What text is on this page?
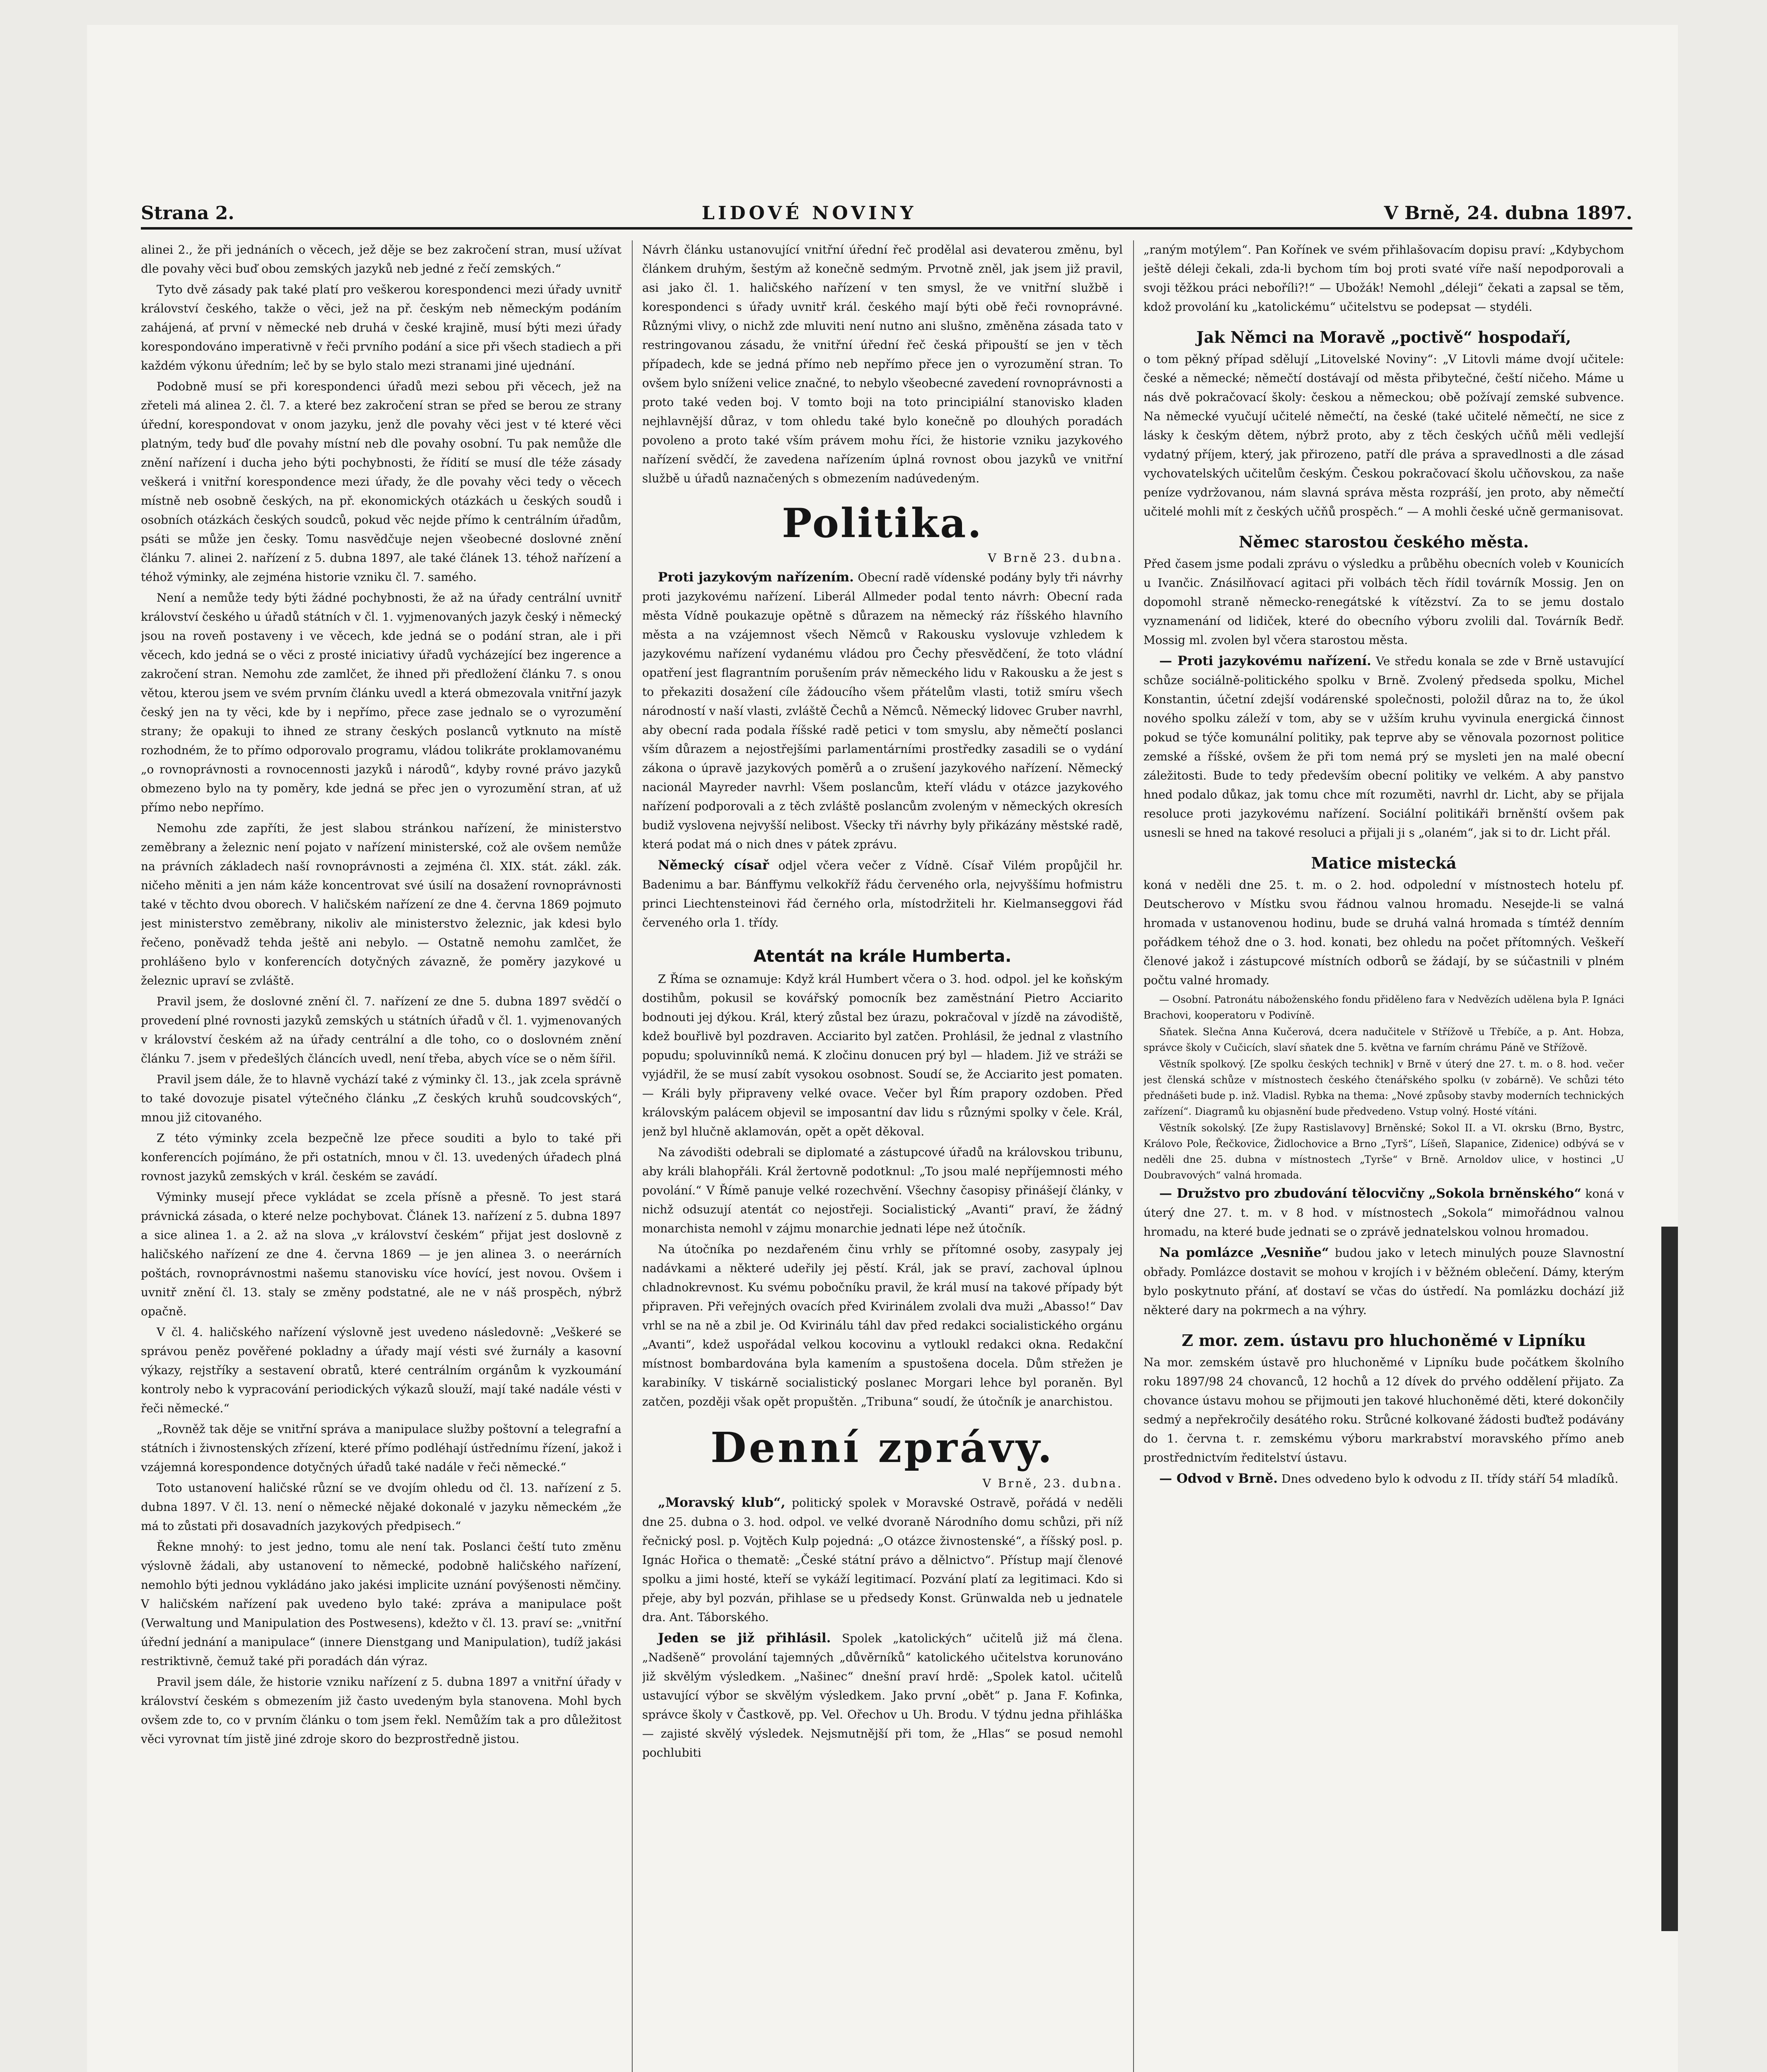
Strana 2.	LIDOVÉ NOVINY	V Brně, 24. dubna 1897.

alinei 2., že při jednáních o věcech, jež děje se bez zakročení stran, musí užívat dle povahy věci buď obou zemských jazyků neb jedné z řečí zemských.“

Tyto dvě zásady pak také platí pro veškerou korespondenci mezi úřady uvnitř království českého, takže o věci, jež na př. českým neb německým podáním zahájená, ať první v německé neb druhá v české krajině, musí býti mezi úřady korespondováno imperativně v řeči prvního podání a sice při všech stadiech a při každém výkonu úředním; leč by se bylo stalo mezi stranami jiné ujednání.

Podobně musí se při korespondenci úřadů mezi sebou při věcech, jež na zřeteli má alinea 2. čl. 7. a které bez zakročení stran se před se berou ze strany úřední, korespondovat v onom jazyku, jenž dle povahy věci jest v té které věci platným, tedy buď dle povahy místní neb dle povahy osobní. Tu pak nemůže dle znění nařízení i ducha jeho býti pochybnosti, že řídití se musí dle téže zásady veškerá i vnitřní korespondence mezi úřady, že dle povahy věci tedy o věcech místně neb osobně českých, na př. ekonomických otázkách u českých soudů i osobních otázkách českých soudců, pokud věc nejde přímo k centrálním úřadům, psáti se může jen česky. Tomu nasvědčuje nejen všeobecné doslovné znění článku 7. alinei 2. nařízení z 5. dubna 1897, ale také článek 13. téhož nařízení a téhož výminky, ale zejména historie vzniku čl. 7. samého.

Není a nemůže tedy býti žádné pochybnosti, že až na úřady centrální uvnitř království českého u úřadů státních v čl. 1. vyjmenovaných jazyk český i německý jsou na roveň postaveny i ve věcech, kde jedná se o podání stran, ale i při věcech, kdo jedná se o věci z prosté iniciativy úřadů vycházející bez ingerence a zakročení stran. Nemohu zde zamlčet, že ihned při předložení článku 7. s onou větou, kterou jsem ve svém prvním článku uvedl a která obmezovala vnitřní jazyk český jen na ty věci, kde by i nepřímo, přece zase jednalo se o vyrozumění strany; že opakuji to ihned ze strany českých poslanců vytknuto na místě rozhodném, že to přímo odporovalo programu, vládou tolikráte proklamovanému „o rovnoprávnosti a rovnocennosti jazyků i národů“, kdyby rovné právo jazyků obmezeno bylo na ty poměry, kde jedná se přec jen o vyrozumění stran, ať už přímo nebo nepřímo.

Nemohu zde zapříti, že jest slabou stránkou nařízení, že ministerstvo zeměbrany a železnic není pojato v nařízení ministerské, což ale ovšem nemůže na právních základech naší rovnoprávnosti a zejména čl. XIX. stát. zákl. zák. ničeho měniti a jen nám káže koncentrovat své úsilí na dosažení rovnoprávnosti také v těchto dvou oborech. V haličském nařízení ze dne 4. června 1869 pojmuto jest ministerstvo zeměbrany, nikoliv ale ministerstvo železnic, jak kdesi bylo řečeno, poněvadž tehda ještě ani nebylo. — Ostatně nemohu zamlčet, že prohlášeno bylo v konferencích dotyčných závazně, že poměry jazykové u železnic upraví se zvláště.

Pravil jsem, že doslovné znění čl. 7. nařízení ze dne 5. dubna 1897 svědčí o provedení plné rovnosti jazyků zemských u státních úřadů v čl. 1. vyjmenovaných v království českém až na úřady centrální a dle toho, co o doslovném znění článku 7. jsem v předešlých článcích uvedl, není třeba, abych více se o něm šířil.

Pravil jsem dále, že to hlavně vychází také z výminky čl. 13., jak zcela správně to také dovozuje pisatel výtečného článku „Z českých kruhů soudcovských“, mnou již citovaného.

Z této výminky zcela bezpečně lze přece souditi a bylo to také při konferencích pojímáno, že při ostatních, mnou v čl. 13. uvedených úřadech plná rovnost jazyků zemských v král. českém se zavádí.

Výminky musejí přece vykládat se zcela přísně a přesně. To jest stará právnická zásada, o které nelze pochybovat. Článek 13. nařízení z 5. dubna 1897 a sice alinea 1. a 2. až na slova „v království českém“ přijat jest doslovně z haličského nařízení ze dne 4. června 1869 — je jen alinea 3. o neerárních poštách, rovnoprávnostmi našemu stanovisku více hovící, jest novou. Ovšem i uvnitř znění čl. 13. staly se změny podstatné, ale ne v náš prospěch, nýbrž opačně.

V čl. 4. haličského nařízení výslovně jest uvedeno následovně: „Veškeré se správou peněz pověřené pokladny a úřady mají vésti své žurnály a kasovní výkazy, rejstříky a sestavení obratů, které centrálním orgánům k vyzkoumání kontroly nebo k vypracování periodických výkazů slouží, mají také nadále vésti v řeči německé.“

„Rovněž tak děje se vnitřní správa a manipulace služby poštovní a telegrafní a státních i živnostenských zřízení, které přímo podléhají ústřednímu řízení, jakož i vzájemná korespondence dotyčných úřadů také nadále v řeči německé.“

Toto ustanovení haličské různí se ve dvojím ohledu od čl. 13. nařízení z 5. dubna 1897. V čl. 13. není o německé nějaké dokonalé v jazyku německém „že má to zůstati při dosavadních jazykových předpisech.“

Řekne mnohý: to jest jedno, tomu ale není tak. Poslanci čeští tuto změnu výslovně žádali, aby ustanovení to německé, podobně haličského nařízení, nemohlo býti jednou vykládáno jako jakési implicite uznání povýšenosti němčiny. V haličském nařízení pak uvedeno bylo také: zpráva a manipulace pošt (Verwaltung und Manipulation des Postwesens), kdežto v čl. 13. praví se: „vnitřní úřední jednání a manipulace“ (innere Dienstgang und Manipulation), tudíž jakási restriktivně, čemuž také při poradách dán výraz.

Pravil jsem dále, že historie vzniku nařízení z 5. dubna 1897 a vnitřní úřady v království českém s obmezením již často uvedeným byla stanovena. Mohl bych ovšem zde to, co v prvním článku o tom jsem řekl. Nemůžím tak a pro důležitost věci vyrovnat tím jistě jiné zdroje skoro do bezprostředně jistou.

Návrh článku ustanovující vnitřní úřední řeč prodělal asi devaterou změnu, byl článkem druhým, šestým až konečně sedmým. Prvotně zněl, jak jsem již pravil, asi jako čl. 1. haličského nařízení v ten smysl, že ve vnitřní službě i korespondenci s úřady uvnitř král. českého mají býti obě řeči rovnoprávné. Různými vlivy, o nichž zde mluviti není nutno ani slušno, změněna zásada tato v restringovanou zásadu, že vnitřní úřední řeč česká připouští se jen v těch případech, kde se jedná přímo neb nepřímo přece jen o vyrozumění stran. To ovšem bylo sníženi velice značné, to nebylo všeobecné zavedení rovnoprávnosti a proto také veden boj. V tomto boji na toto principiální stanovisko kladen nejhlavnější důraz, v tom ohledu také bylo konečně po dlouhých poradách povoleno a proto také vším právem mohu říci, že historie vzniku jazykového nařízení svědčí, že zavedena nařízením úplná rovnost obou jazyků ve vnitřní službě u úřadů naznačených s obmezením nadúvedeným.

Politika.
V Brně 23. dubna.

Proti jazykovým nařízením. Obecní radě vídenské podány byly tři návrhy proti jazykovému nařízení. Liberál Allmeder podal tento návrh: Obecní rada města Vídně poukazuje opětně s důrazem na německý ráz říšského hlavního města a na vzájemnost všech Němců v Rakousku vyslovuje vzhledem k jazykovému nařízení vydanému vládou pro Čechy přesvědčení, že toto vládní opatření jest flagrantním porušením práv německého lidu v Rakousku a že jest s to překaziti dosažení cíle žádoucího všem přátelům vlasti, totiž smíru všech národností v naší vlasti, zvláště Čechů a Němců. Německý lidovec Gruber navrhl, aby obecní rada podala říšské radě petici v tom smyslu, aby němečtí poslanci vším důrazem a nejostřejšími parlamentárními prostředky zasadili se o vydání zákona o úpravě jazykových poměrů a o zrušení jazykového nařízení. Německý nacionál Mayreder navrhl: Všem poslancům, kteří vládu v otázce jazykového nařízení podporovali a z těch zvláště poslancům zvoleným v německých okresích budiž vyslovena nejvyšší nelibost. Všecky tři návrhy byly přikázány městské radě, která podat má o nich dnes v pátek zprávu.

Německý císař odjel včera večer z Vídně. Císař Vilém propůjčil hr. Badenimu a bar. Bánffymu velkokříž řádu červeného orla, nejvyššímu hofmistru princi Liechtensteinovi řád černého orla, místodržiteli hr. Kielmanseggovi řád červeného orla 1. třídy.

Atentát na krále Humberta.

Z Říma se oznamuje: Když král Humbert včera o 3. hod. odpol. jel ke koňským dostihům, pokusil se kovářský pomocník bez zaměstnání Pietro Acciarito bodnouti jej dýkou. Král, který zůstal bez úrazu, pokračoval v jízdě na závodiště, kdež bouřlivě byl pozdraven. Acciarito byl zatčen. Prohlásil, že jednal z vlastního popudu; spoluvinníků nemá. K zločinu donucen prý byl — hladem. Již ve stráži se vyjádřil, že se musí zabít vysokou osobnost. Soudí se, že Acciarito jest pomaten. — Králi byly připraveny velké ovace. Večer byl Řím prapory ozdoben. Před královským palácem objevil se imposantní dav lidu s různými spolky v čele. Král, jenž byl hlučně aklamován, opět a opět děkoval.

Na závodišti odebrali se diplomaté a zástupcové úřadů na královskou tribunu, aby králi blahopřáli. Král žertovně podotknul: „To jsou malé nepříjemnosti mého povolání.“ V Římě panuje velké rozechvění. Všechny časopisy přinášejí články, v nichž odsuzují atentát co nejostřeji. Socialistický „Avanti“ praví, že žádný monarchista nemohl v zájmu monarchie jednati lépe než útočník.

Na útočníka po nezdařeném činu vrhly se přítomné osoby, zasypaly jej nadávkami a některé udeřily jej pěstí. Král, jak se praví, zachoval úplnou chladnokrevnost. Ku svému pobočníku pravil, že král musí na takové případy být připraven. Při veřejných ovacích před Kvirinálem zvolali dva muži „Abasso!“ Dav vrhl se na ně a zbil je. Od Kvirinálu táhl dav před redakci socialistického orgánu „Avanti“, kdež uspořádal velkou kocovinu a vytloukl redakci okna. Redakční místnost bombardována byla kamením a spustošena docela. Dům střežen je karabiníky. V tiskárně socialistický poslanec Morgari lehce byl poraněn. Byl zatčen, později však opět propuštěn. „Tribuna“ soudí, že útočník je anarchistou.

Denní zprávy.
V Brně, 23. dubna.

„Moravský klub“, politický spolek v Moravské Ostravě, pořádá v neděli dne 25. dubna o 3. hod. odpol. ve velké dvoraně Národního domu schůzi, při níž řečnický posl. p. Vojtěch Kulp pojedná: „O otázce živnostenské“, a říšský posl. p. Ignác Hořica o thematě: „České státní právo a dělnictvo“. Přístup mají členové spolku a jimi hosté, kteří se vykáží legitimací. Pozvání platí za legitimaci. Kdo si přeje, aby byl pozván, přihlase se u předsedy Konst. Grünwalda neb u jednatele dra. Ant. Táborského.

Jeden se již přihlásil. Spolek „katolických“ učitelů již má člena. „Nadšeně“ provolání tajemných „důvěrníků“ katolického učitelstva korunováno již skvělým výsledkem. „Našinec“ dnešní praví hrdě: „Spolek katol. učitelů ustavující výbor se skvělým výsledkem. Jako první „obět“ p. Jana F. Kofinka, správce školy v Častkově, pp. Vel. Ořechov u Uh. Brodu. V týdnu jedna přihláška — zajisté skvělý výsledek. Nejsmutnější při tom, že „Hlas“ se posud nemohl pochlubiti

„raným motýlem“. Pan Kořínek ve svém přihlašovacím dopisu praví: „Kdybychom ještě déleji čekali, zda-li bychom tím boj proti svaté víře naší nepodporovali a svoji těžkou práci neboříli?!“ — Ubožák! Nemohl „déleji“ čekati a zapsal se těm, kdož provolání ku „katolickému“ učitelstvu se podepsat — stydéli.

Jak Němci na Moravě „poctivě“ hospodaří,

o tom pěkný případ sdělují „Litovelské Noviny“: „V Litovli máme dvojí učitele: české a německé; němečtí dostávají od města přibytečné, čeští ničeho. Máme u nás dvě pokračovací školy: českou a německou; obě požívají zemské subvence. Na německé vyučují učitelé němečtí, na české (také učitelé němečtí, ne sice z lásky k českým dětem, nýbrž proto, aby z těch českých učňů měli vedlejší vydatný příjem, který, jak přirozeno, patří dle práva a spravedlnosti a dle zásad vychovatelských učitelům českým. Českou pokračovací školu učňovskou, za naše peníze vydržovanou, nám slavná správa města rozpráší, jen proto, aby němečtí učitelé mohli mít z českých učňů prospěch.“ — A mohli české učně germanisovat.

Němec starostou českého města.

Před časem jsme podali zprávu o výsledku a průběhu obecních voleb v Kounicích u Ivančic. Znásilňovací agitaci při volbách těch řídil továrník Mossig. Jen on dopomohl straně německo-renegátské k vítězství. Za to se jemu dostalo vyznamenání od lidiček, které do obecního výboru zvolili dal. Továrník Bedř. Mossig ml. zvolen byl včera starostou města.

— Proti jazykovému nařízení. Ve středu konala se zde v Brně ustavující schůze sociálně-politického spolku v Brně. Zvolený předseda spolku, Michel Konstantin, účetní zdejší vodárenské společnosti, položil důraz na to, že úkol nového spolku záleží v tom, aby se v užším kruhu vyvinula energická činnost pokud se týče komunální politiky, pak teprve aby se věnovala pozornost politice zemské a říšské, ovšem že při tom nemá prý se mysleti jen na malé obecní záležitosti. Bude to tedy především obecní politiky ve velkém. A aby panstvo hned podalo důkaz, jak tomu chce mít rozuměti, navrhl dr. Licht, aby se přijala resoluce proti jazykovému nařízení. Sociální politikáři brněnští ovšem pak usnesli se hned na takové resoluci a přijali ji s „olaném“, jak si to dr. Licht přál.

Matice mistecká

koná v neděli dne 25. t. m. o 2. hod. odpolední v místnostech hotelu pf. Deutscherovo v Místku svou řádnou valnou hromadu. Nesejde-li se valná hromada v ustanovenou hodinu, bude se druhá valná hromada s tímtéž denním pořádkem téhož dne o 3. hod. konati, bez ohledu na počet přítomných. Veškeří členové jakož i zástupcové místních odborů se žádají, by se súčastnili v plném počtu valné hromady.

— Osobní. Patronátu náboženského fondu přiděleno fara v Nedvězích udělena byla P. Ignáci Brachovi, kooperatoru v Podivíně.

Sňatek. Slečna Anna Kučerová, dcera nadučitele v Střížově u Třebíče, a p. Ant. Hobza, správce školy v Cučicích, slaví sňatek dne 5. května ve farním chrámu Páně ve Střížově.

Věstník spolkový. [Ze spolku českých technik] v Brně v úterý dne 27. t. m. o 8. hod. večer jest členská schůze v místnostech českého čtenářského spolku (v zobárně). Ve schůzi této přednášeti bude p. inž. Vladisl. Rybka na thema: „Nové způsoby stavby moderních technických zařízení“. Diagramů ku objasnění bude předvedeno. Vstup volný. Hosté vítáni.

Věstník sokolský. [Ze župy Rastislavovy] Brněnské; Sokol II. a VI. okrsku (Brno, Bystrc, Královo Pole, Řečkovice, Židlochovice a Brno „Tyrš“, Líšeň, Slapanice, Zidenice) odbývá se v neděli dne 25. dubna v místnostech „Tyrše“ v Brně. Arnoldov ulice, v hostinci „U Doubravových“ valná hromada.

— Družstvo pro zbudování tělocvičny „Sokola brněnského“ koná v úterý dne 27. t. m. v 8 hod. v místnostech „Sokola“ mimořádnou valnou hromadu, na které bude jednati se o zprávě jednatelskou volnou hromadou.

Na pomlázce „Vesniňe“ budou jako v letech minulých pouze Slavnostní obřady. Pomlázce dostavit se mohou v krojích i v běžném oblečení. Dámy, kterým bylo poskytnuto přání, ať dostaví se včas do ústředí. Na pomlázku dochází již některé dary na pokrmech a na výhry.

Z mor. zem. ústavu pro hluchoněmé v Lipníku

Na mor. zemském ústavě pro hluchoněmé v Lipníku bude počátkem školního roku 1897/98 24 chovanců, 12 hochů a 12 dívek do prvého oddělení přijato. Za chovance ústavu mohou se přijmouti jen takové hluchoněmé děti, které dokončily sedmý a nepřekročily desátého roku. Strůcné kolkované žádosti buďtež podávány do 1. června t. r. zemskému výboru markrabství moravského přímo aneb prostřednictvím ředitelství ústavu.

— Odvod v Brně. Dnes odvedeno bylo k odvodu z II. třídy stáří 54 mladíků.
